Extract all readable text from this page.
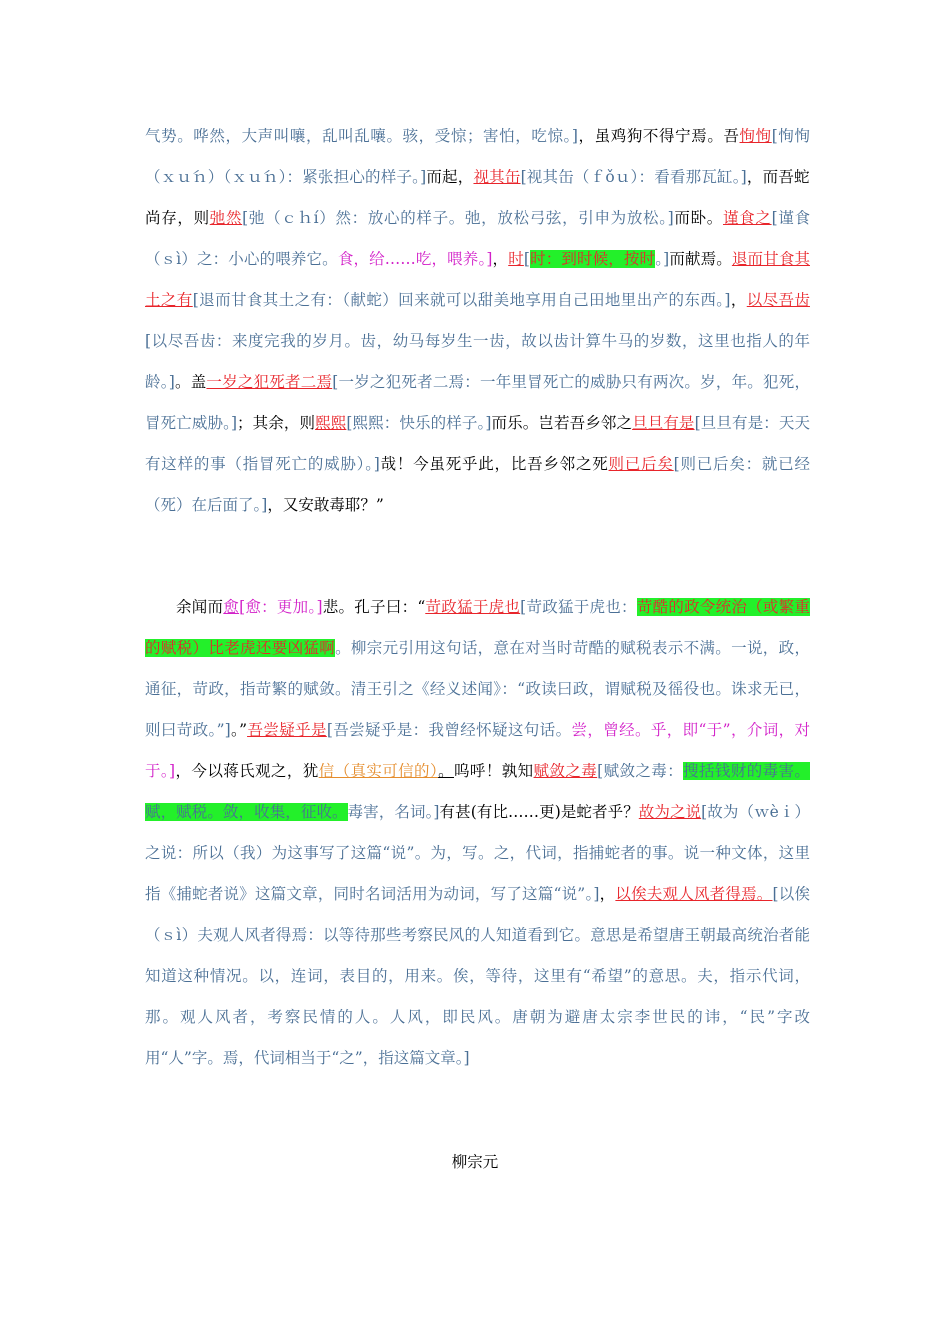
气势。哗然，大声叫嚷，乱叫乱嚷。骇，受惊；害怕，吃惊。]，虽鸡狗不得宁焉。吾恂恂[恂恂（ｘｕ́ｎ）（ｘｕ́ｎ）：紧张担心的样子。]而起，视其缶[视其缶（ｆǒｕ）：看看那瓦缸。]，而吾蛇尚存，则弛然[弛（ｃｈí）然：放心的样子。弛，放松弓弦，引申为放松。]而卧。谨食之[谨食（ｓì）之：小心的喂养它。食，给……吃，喂养。]，时[时：到时候，按时。]而献焉。退而甘食其土之有[退而甘食其土之有：（献蛇）回来就可以甜美地享用自己田地里出产的东西。]，以尽吾齿[以尽吾齿：来度完我的岁月。齿，幼马每岁生一齿，故以齿计算牛马的岁数，这里也指人的年龄。]。盖一岁之犯死者二焉[一岁之犯死者二焉：一年里冒死亡的威胁只有两次。岁，年。犯死，冒死亡威胁。]；其余，则熙熙[熙熙：快乐的样子。]而乐。岂若吾乡邻之旦旦有是[旦旦有是：天天有这样的事（指冒死亡的威胁）。]哉！今虽死乎此，比吾乡邻之死则已后矣[则已后矣：就已经（死）在后面了。]，又安敢毒耶？”
余闻而愈[愈：更加。]悲。孔子曰：“苛政猛于虎也[苛政猛于虎也：苛酷的政令统治（或繁重的赋税）比老虎还要凶猛啊。柳宗元引用这句话，意在对当时苛酷的赋税表示不满。一说，政，通征，苛政，指苛繁的赋敛。清王引之《经义述闻》：“政读曰政，谓赋税及徭役也。诛求无已，则曰苛政。”]。”吾尝疑乎是[吾尝疑乎是：我曾经怀疑这句话。尝，曾经。乎，即“于”，介词，对于。]，今以蒋氏观之，犹信（真实可信的）。呜呼！孰知赋敛之毒[赋敛之毒：搜括钱财的毒害。赋，赋税。敛，收集，征收。毒害，名词。]有甚(有比……更)是蛇者乎？故为之说[故为（ｗèｉ）之说：所以（我）为这事写了这篇“说”。为，写。之，代词，指捕蛇者的事。说一种文体，这里指《捕蛇者说》这篇文章，同时名词活用为动词，写了这篇“说”。]，以俟夫观人风者得焉。[以俟（ｓì）夫观人风者得焉：以等待那些考察民风的人知道看到它。意思是希望唐王朝最高统治者能知道这种情况。以，连词，表目的，用来。俟，等待，这里有“希望”的意思。夫，指示代词，那。观人风者，考察民情的人。人风，即民风。唐朝为避唐太宗李世民的讳，“民”字改用“人”字。焉，代词相当于“之”，指这篇文章。]
柳宗元
